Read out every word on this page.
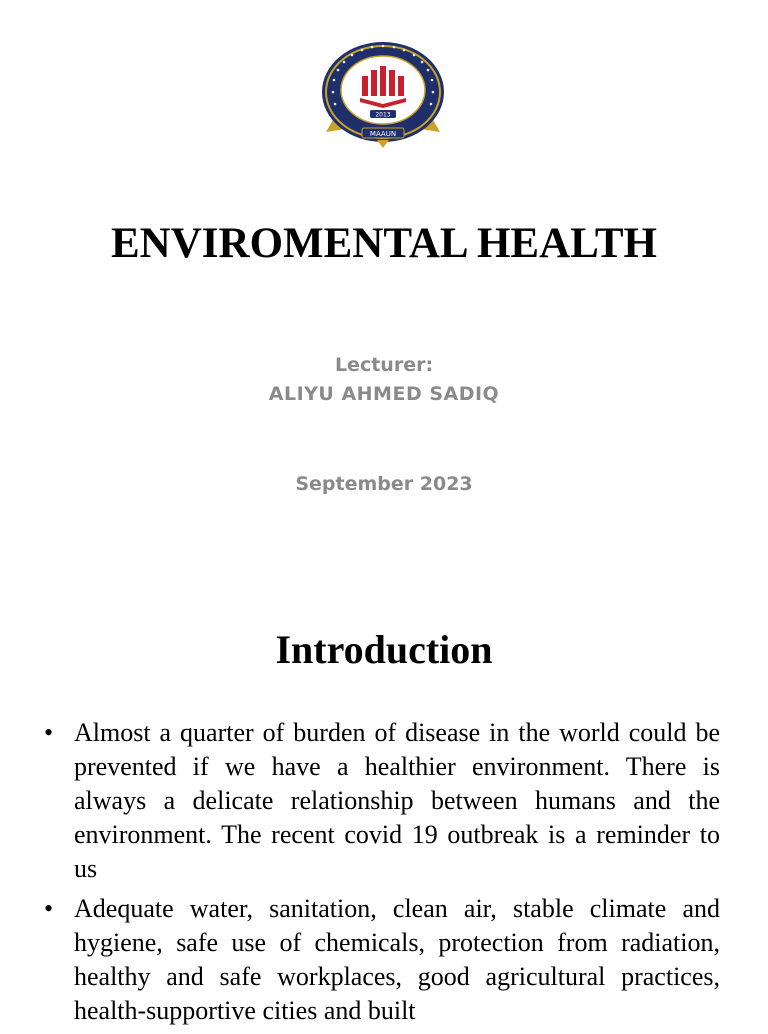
2013
MAAUN
ENVIROMENTAL HEALTH
Lecturer:
ALIYU AHMED SADIQ
September 2023
Introduction
• Almost a quarter of burden of disease in the world could be prevented if we have a healthier environment. There is always a delicate relationship between humans and the environment. The recent covid 19 outbreak is a reminder to us
• Adequate water, sanitation, clean air, stable climate and hygiene, safe use of chemicals, protection from radiation, healthy and safe workplaces, good agricultural practices, health-supportive cities and built
